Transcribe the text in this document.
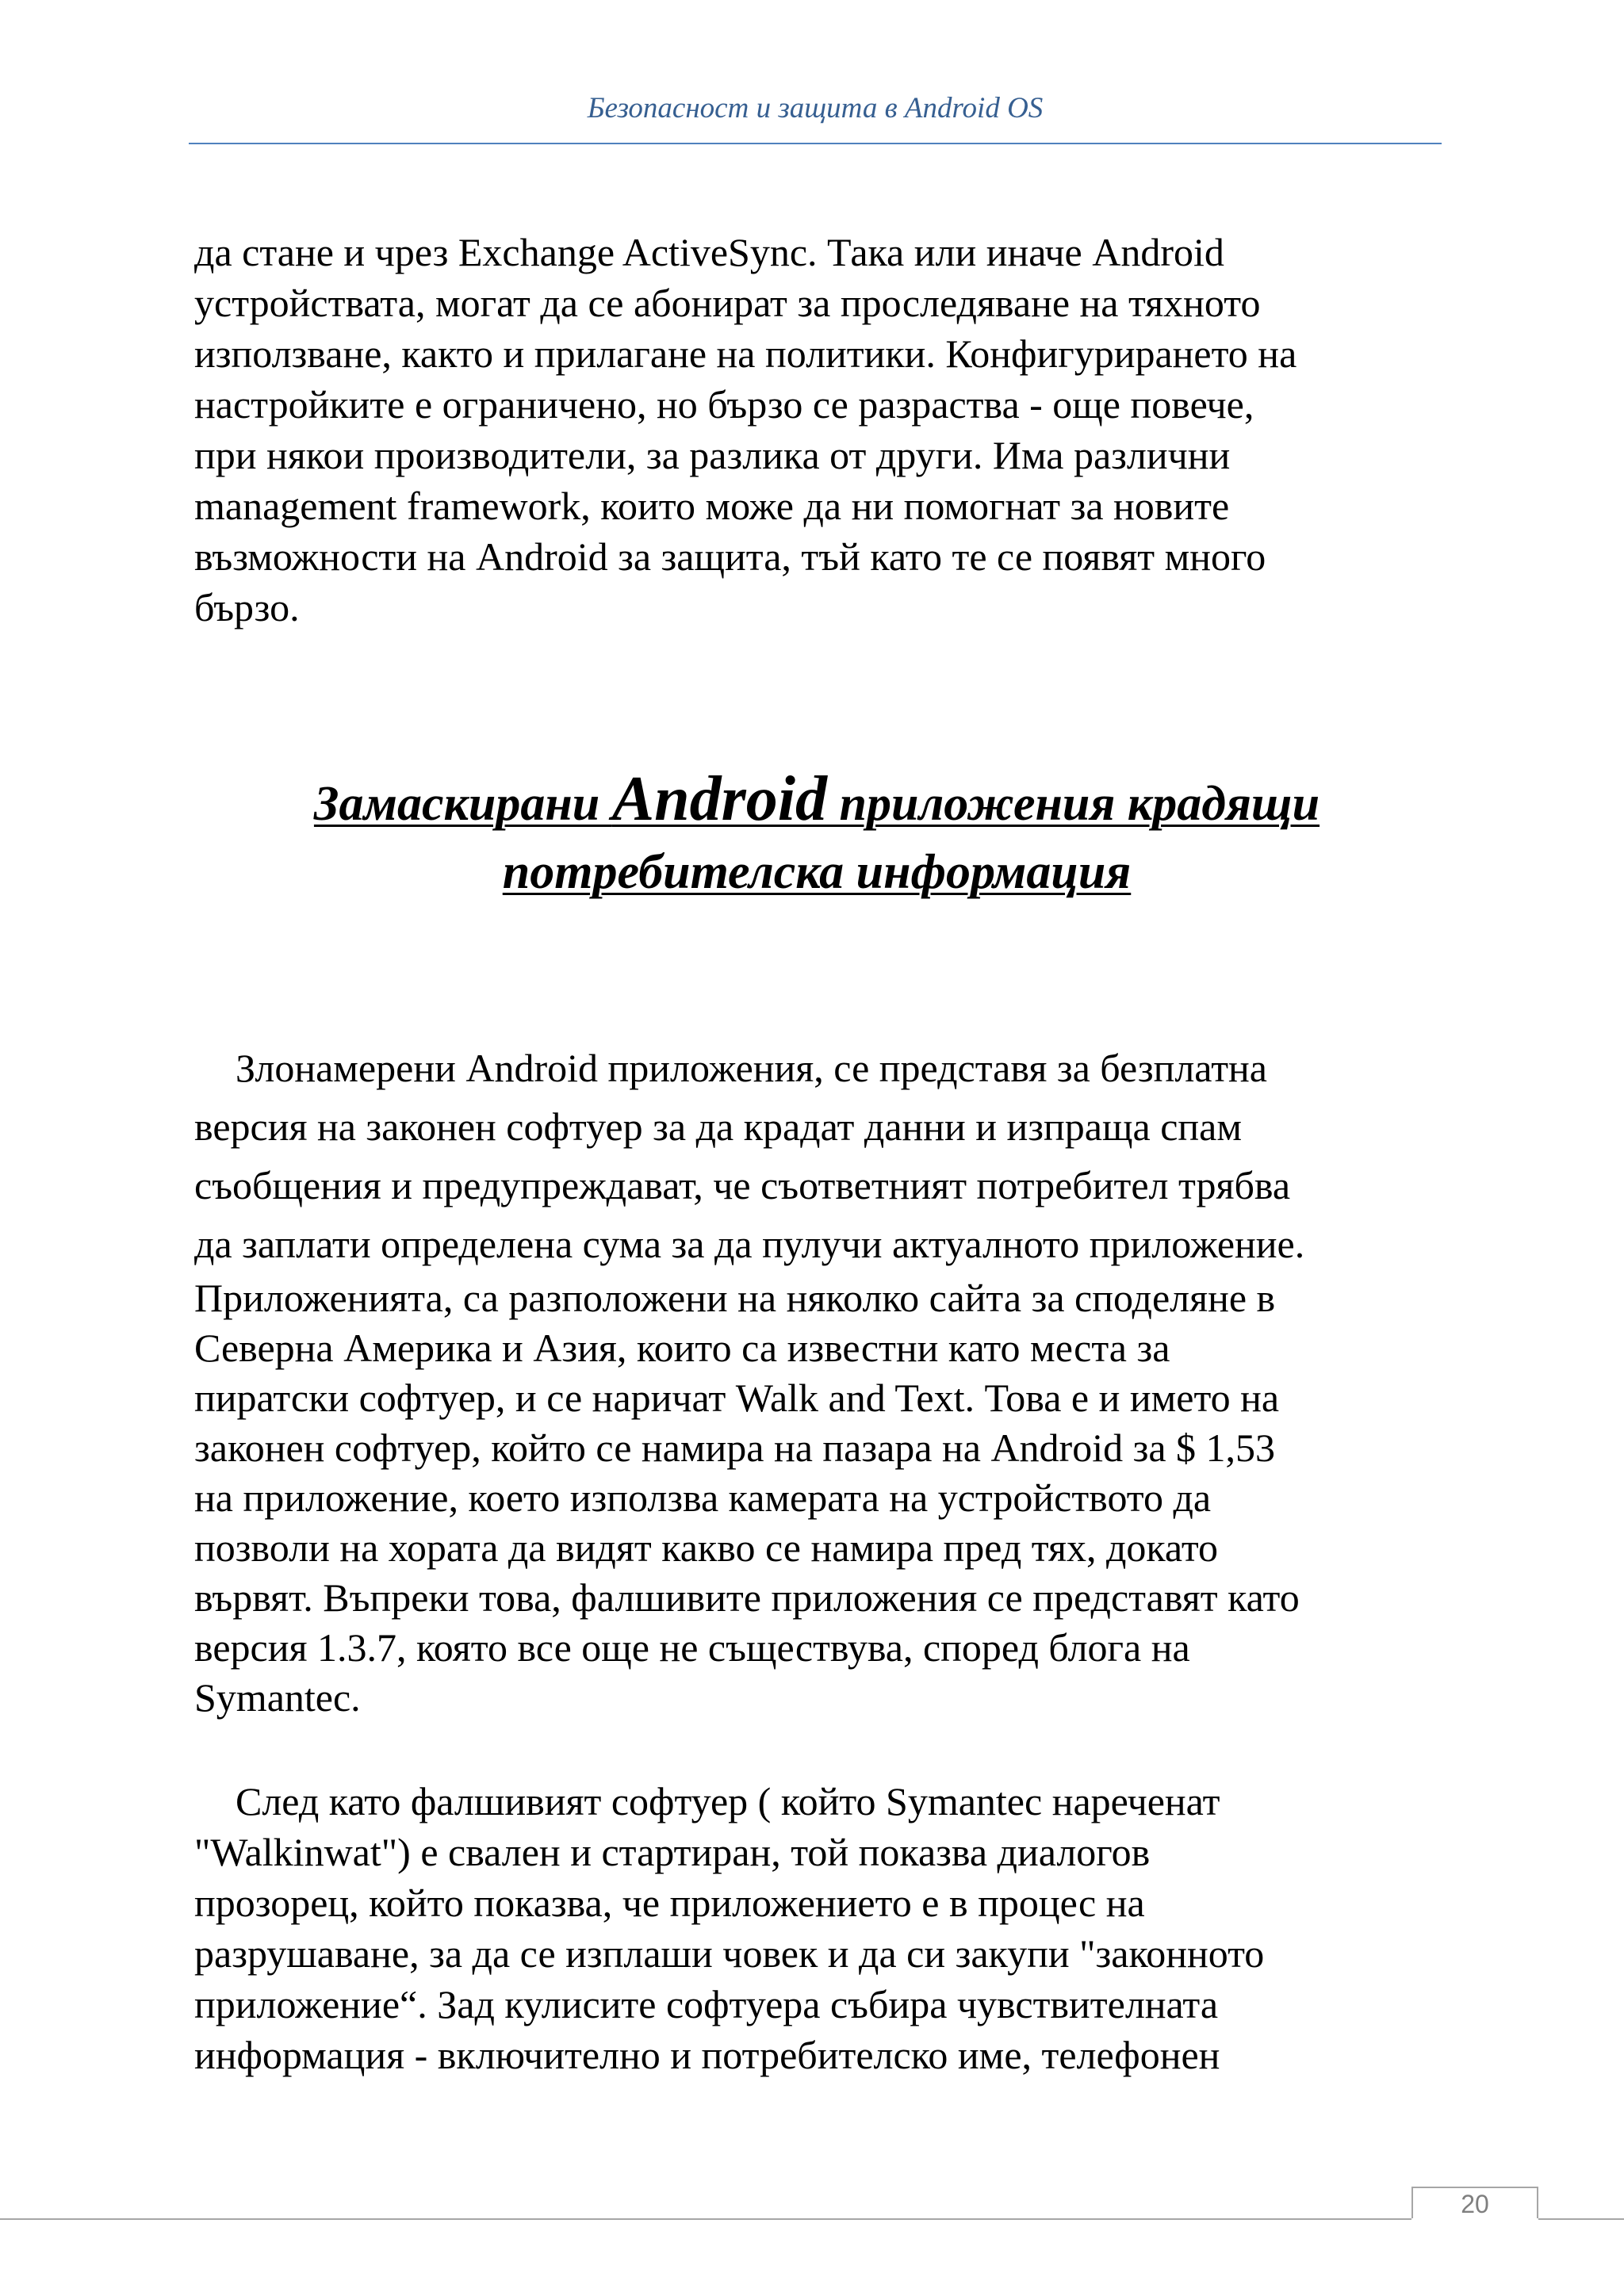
Безопасност и защита в Android OS

да стане и чрез Exchange ActiveSync. Така или иначе Android
устройствата, могат да се абонират за проследяване на тяхното
използване, както и прилагане на политики. Конфигурирането на
настройките е ограничено, но бързо се разраства - още повече,
при някои производители, за разлика от други. Има различни
management framework, които може да ни помогнат за новите
възможности на Android за защита, тъй като те се появят много
бързо.

Замаскирани Android приложения крадящи
потребителска информация

Злонамерени Android приложения, се представя за безплатна
версия на законен софтуер за да крадат данни и изпраща спам
съобщения и предупреждават, че съответният потребител трябва
да заплати определена сума за да пулучи актуалното приложение.

Приложенията, са разположени на няколко сайта за споделяне в
Северна Америка и Азия, които са известни като места за
пиратски софтуер, и се наричат Walk and Text. Това е и името на
законен софтуер, който се намира на пазара на Android за $ 1,53
на приложение, което използва камерата на устройството да
позволи на хората да видят какво се намира пред тях, докато
вървят. Въпреки това, фалшивите приложения се представят като
версия 1.3.7, която все още не съществува, според блога на
Symantec.

След като фалшивият софтуер ( който Symantec нареченат
"Walkinwat") е свален и стартиран, той показва диалогов
прозорец, който показва, че приложението е в процес на
разрушаване, за да се изплаши човек и да си закупи "законното
приложение“. Зад кулисите софтуера събира чувствителната
информация - включително и потребителско име, телефонен

20
